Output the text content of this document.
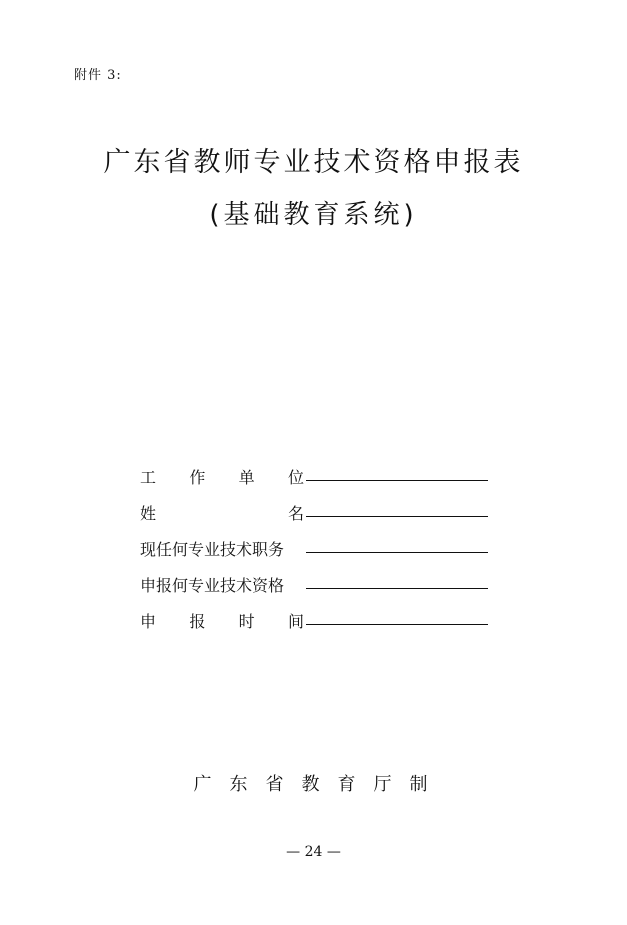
附件 3:
广东省教师专业技术资格申报表
(基础教育系统)
工 作 单 位
姓	名
现任何专业技术职务
申报何专业技术资格
申 报 时 间
广东省教育厅制
— 24 —
